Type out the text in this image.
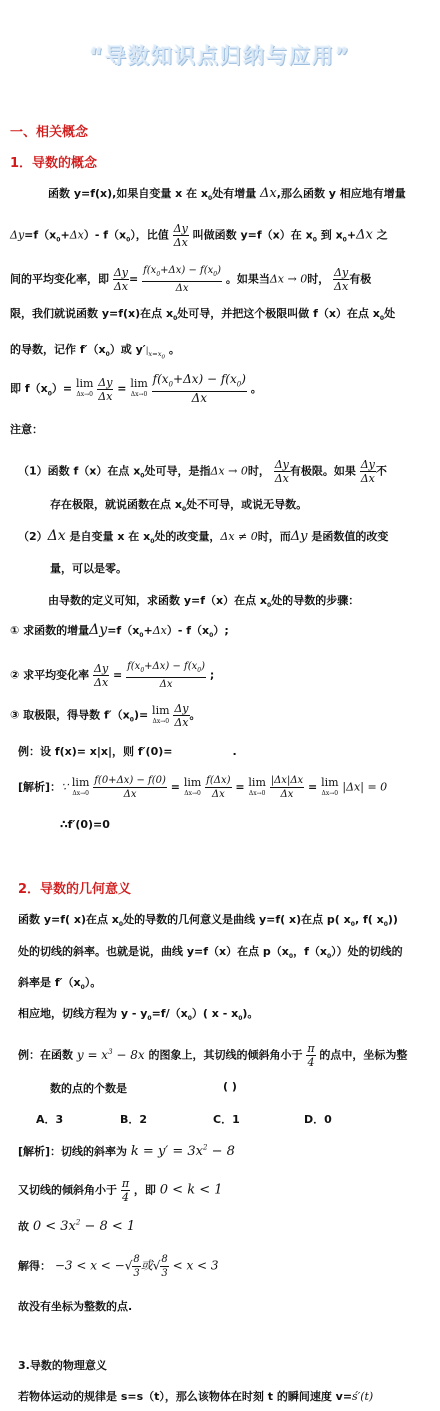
“导数知识点归纳与应用”
一、相关概念
1．导数的概念
函数 y=f(x),如果自变量 x 在 $x_0$处有增量 Δx,那么函数 y 相应地有增量
$\Delta y=f(x_0+\Delta x)-$ $f(x_0)$，比值 $\frac{\Delta y}{\Delta x}$ 叫做函数 y=f（x）在 $x_0$ 到 $x_0+\Delta x$ 之
间的平均变化率，即 $\frac{\Delta y}{\Delta x} = \frac{f(x_0+\Delta x) - f(x_0)}{\Delta x}$ 。如果当Δx → 0时， $\frac{\Delta y}{\Delta x}$ 有极
限，我们就说函数 y=f(x)在点 $x_0$处可导，并把这个极限叫做 f（x）在点 $x_0$处
的导数，记作 $f'(x_0)$或 $y'|_{x=x_0}$ 。
即 $f(x_0)= \lim$
Δx→0
$\frac{\Delta y}{\Delta x} = \lim$
Δx→0
$\frac{f(x_0+\Delta x) - f(x_0)}{\Delta x}$ 。
注意：
（1）函数 f（x）在点 $x_0$处可导，是指Δx → 0时， $\frac{\Delta y}{\Delta x}$ 有极限。如果 $\frac{\Delta y}{\Delta x}$ 不
存在极限，就说函数在点 $x_0$处不可导，或说无导数。
（2）Δx 是自变量 x 在 $x_0$处的改变量，Δx ≠ 0时，而Δy 是函数值的改变
量，可以是零。
由导数的定义可知，求函数 y=f（x）在点 $x_0$处的导数的步骤：
① 求函数的增量$\Delta y=f(x_0+\Delta x)-$ $f(x_0)$;
② 求平均变化率 $\frac{\Delta y}{\Delta x} = \frac{f(x_0+\Delta x) - f(x_0)}{\Delta x}$ ;
③ 取极限，得导数 $f'(x_0)= \lim$
Δx→0
$\frac{\Delta y}{\Delta x}$ 。
例：设 f(x)= x|x|，则 f′(0)=	.
[解析]：∵ lim
Δx→0
$\frac{f(0+\Delta x) - f(0)}{\Delta x} = \lim$
Δx→0
$\frac{f(\Delta x)}{\Delta x} = \lim$
Δx→0
$\frac{|\Delta x|\Delta x}{\Delta x} = \lim$
Δx→0 |Δx| = 0
∴f′(0)=0
2．导数的几何意义
函数 y=f( x)在点 $x_0$处的导数的几何意义是曲线 y=f( x)在点 p( $x_0$, f( $x_0$))
处的切线的斜率。也就是说，曲线 y=f（x）在点 $p(x_0$，$f(x_0)$）处的切线的
斜率是 $f'(x_0)$。
相应地，切线方程为 $y - y_0=f/(x_0)$( x - $x_0$)。
例：在函数 $y = x^3 - 8x$ 的图象上，其切线的倾斜角小于 $\frac{\pi}{4}$ 的点中，坐标为整
数的点的个数是	( )
A．3	B．2	C．1	D．0
[解析]：切线的斜率为 $k = y' = 3x^2 - 8$
又切线的倾斜角小于 $\frac{\pi}{4}$ ，即 0 < k < 1
故 $0 < 3x^2 - 8 < 1$
解得： −3 < x < −√ $\frac{8}{3}$ 或√ $\frac{8}{3} < x < 3$
故没有坐标为整数的点.
3.导数的物理意义
若物体运动的规律是 s=s（t），那么该物体在时刻 t 的瞬间速度 v=ś′(t)
